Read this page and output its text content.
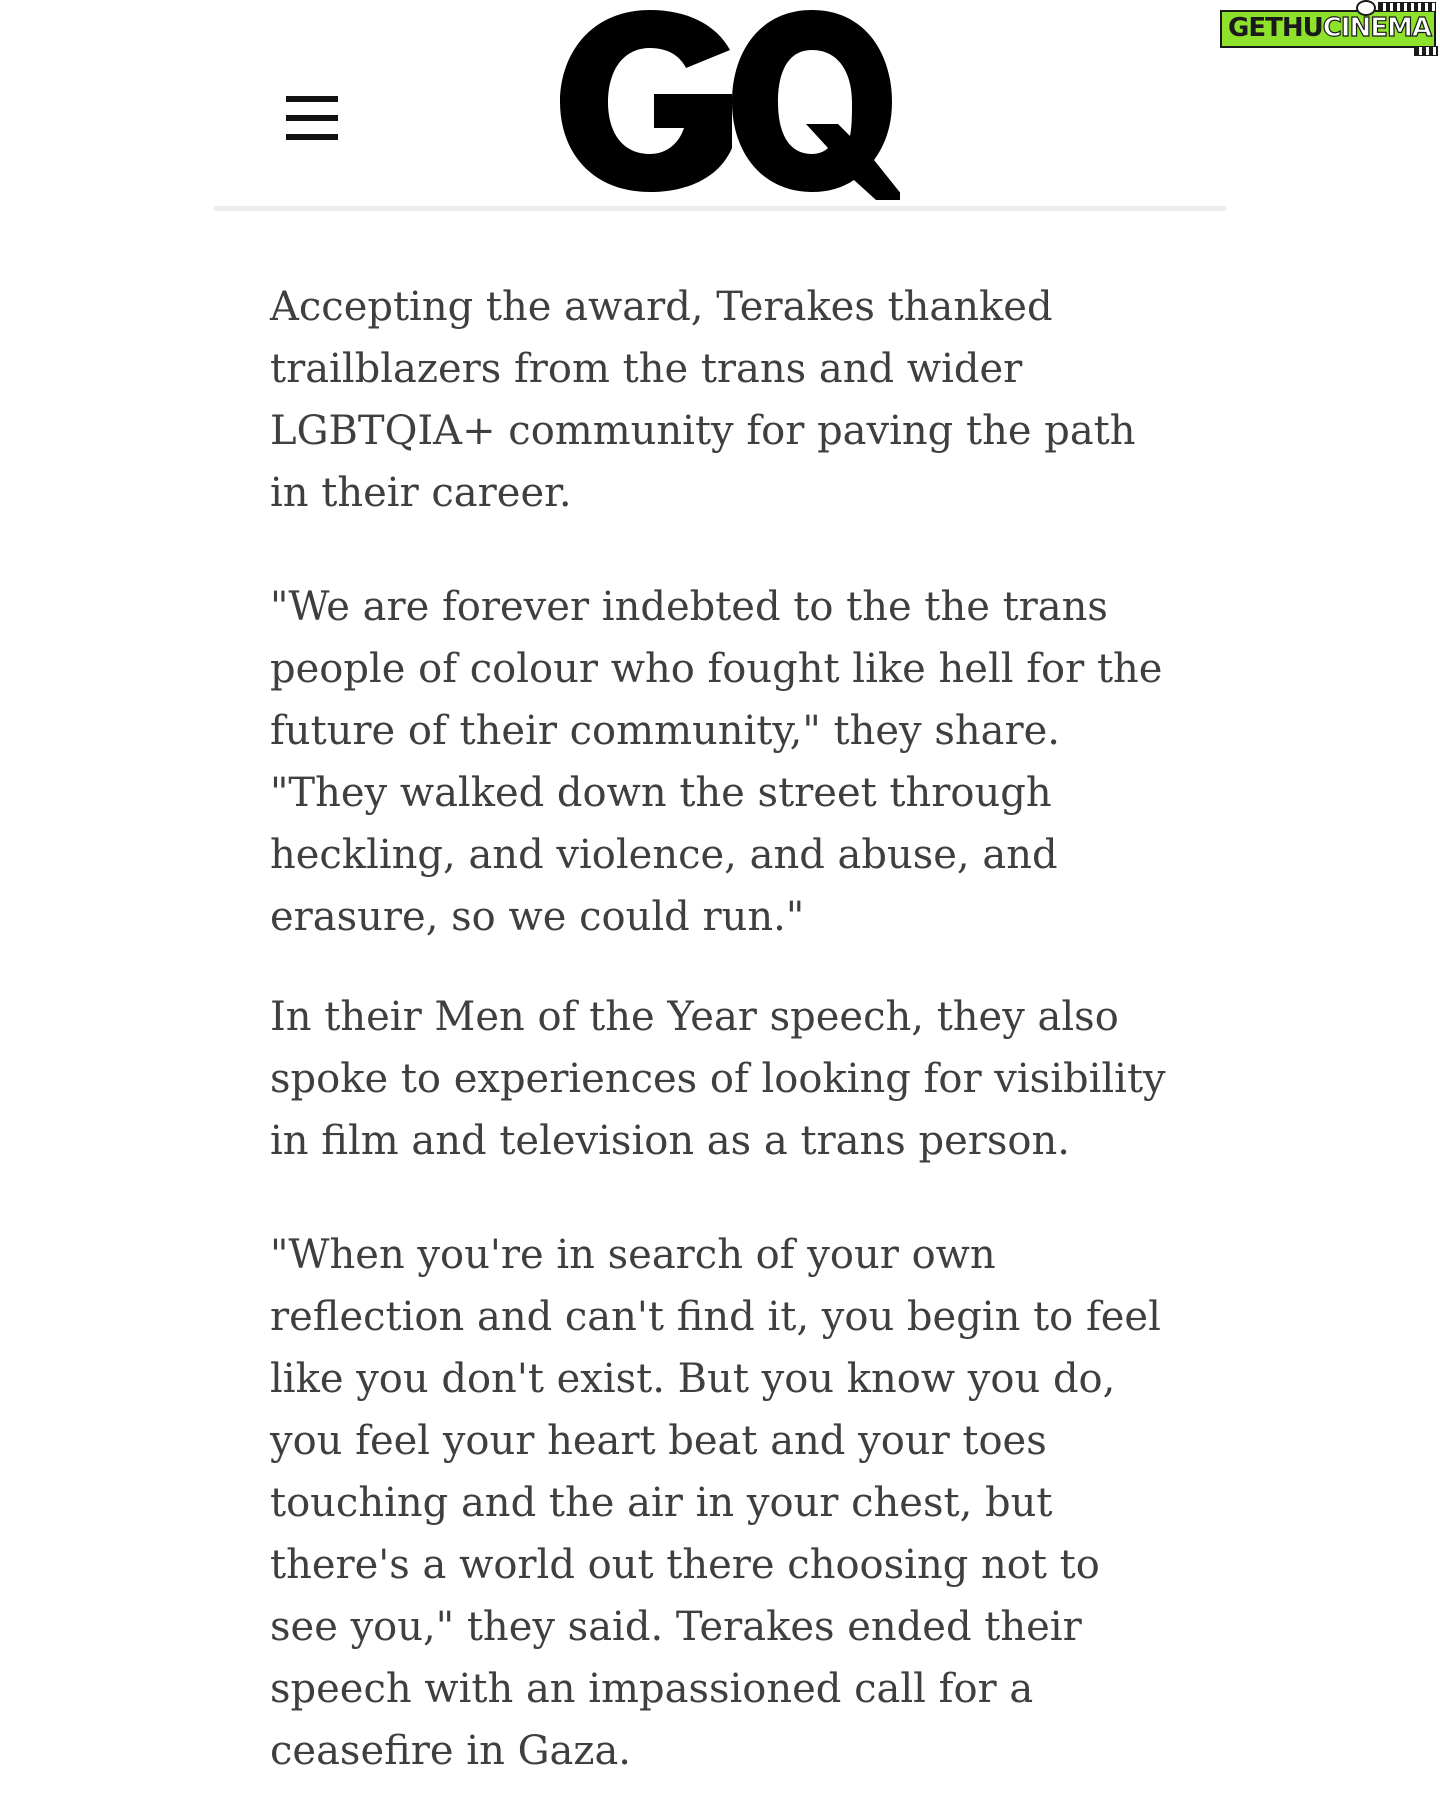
GETHUCINEMA

Accepting the award, Terakes thanked trailblazers from the trans and wider LGBTQIA+ community for paving the path in their career.

"We are forever indebted to the the trans people of colour who fought like hell for the future of their community," they share. "They walked down the street through heckling, and violence, and abuse, and erasure, so we could run."

In their Men of the Year speech, they also spoke to experiences of looking for visibility in film and television as a trans person.

"When you're in search of your own reflection and can't find it, you begin to feel like you don't exist. But you know you do, you feel your heart beat and your toes touching and the air in your chest, but there's a world out there choosing not to see you," they said. Terakes ended their speech with an impassioned call for a ceasefire in Gaza.
